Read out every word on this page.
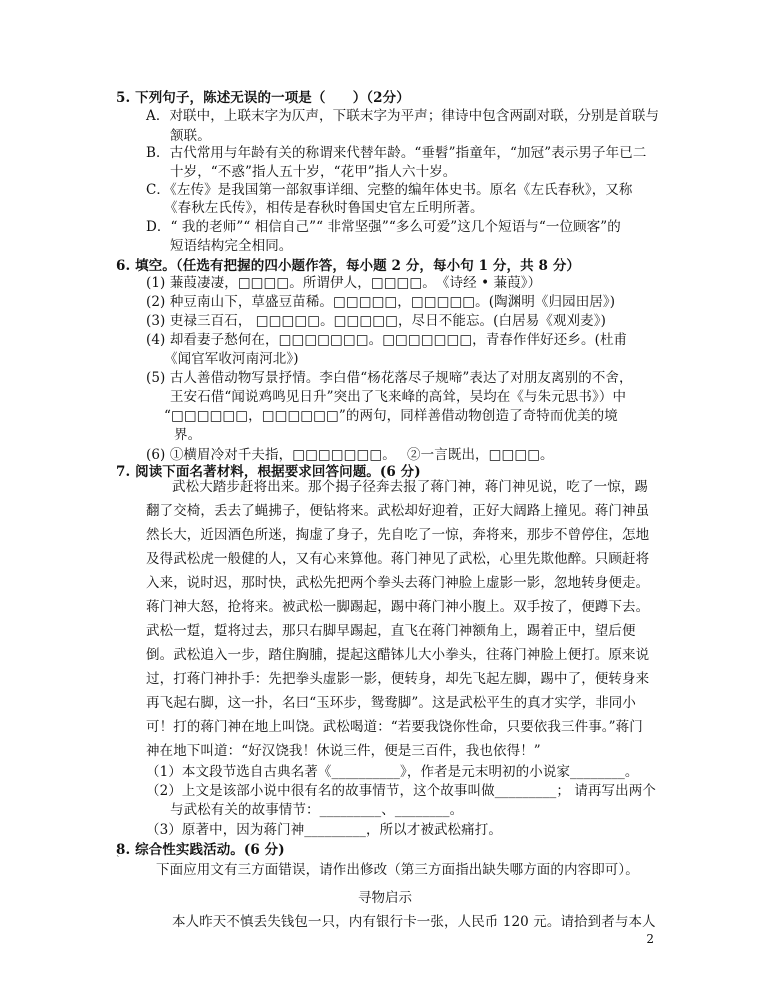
5. 下列句子，陈述无误的一项是（　　）（2分）
A．对联中，上联末字为仄声，下联末字为平声；律诗中包含两副对联，分别是首联与
颔联。
B．古代常用与年龄有关的称谓来代替年龄。“垂髫”指童年，“加冠”表示男子年已二
十岁，“不惑”指人五十岁，“花甲”指人六十岁。
C．《左传》是我国第一部叙事详细、完整的编年体史书。原名《左氏春秋》，又称
《春秋左氏传》，相传是春秋时鲁国史官左丘明所著。
D．“ 我的老师”“ 相信自己”“ 非常坚强”“多么可爱”这几个短语与“一位顾客”的
短语结构完全相同。
6. 填空。（任选有把握的四小题作答，每小题 2 分，每小句 1 分，共 8 分）
(1) 蒹葭凄凄，□□□□。所谓伊人，□□□□。　《诗经 • 蒹葭》）
(2) 种豆南山下，草盛豆苗稀。□□□□□，□□□□□。(陶渊明《归园田居》)
(3) 吏禄三百石， □□□□□。□□□□□，尽日不能忘。(白居易《观刈麦》)
(4) 却看妻子愁何在，□□□□□□□。□□□□□□□，青春作伴好还乡。(杜甫
《闻官军收河南河北》)
(5) 古人善借动物写景抒情。李白借“杨花落尽子规啼”表达了对朋友离别的不舍，
王安石借“闻说鸡鸣见日升”突出了飞来峰的高耸，吴均在《与朱元思书》）中
“□□□□□□，□□□□□□”的两句，同样善借动物创造了奇特而优美的境
界。
(6) ①横眉冷对千夫指，□□□□□□□。　 ②一言既出，□□□□。
7. 阅读下面名著材料，根据要求回答问题。(6 分)
武松大踏步赶将出来。那个揭子径奔去报了蒋门神，蒋门神见说，吃了一惊，踢
翻了交椅，丢去了蝇拂子，便钻将来。武松却好迎着，正好大阔路上撞见。蒋门神虽
然长大，近因酒色所迷，掏虚了身子，先自吃了一惊，奔将来，那步不曾停住，怎地
及得武松虎一般健的人，又有心来算他。蒋门神见了武松，心里先欺他醉。只顾赶将
入来，说时迟，那时快，武松先把两个拳头去蒋门神脸上虚影一影，忽地转身便走。
蒋门神大怒，抢将来。被武松一脚踢起，踢中蒋门神小腹上。双手按了，便蹲下去。
武松一踅，踅将过去，那只右脚早踢起，直飞在蒋门神额角上，踢着正中，望后便
倒。武松追入一步，踏住胸脯，提起这醋钵儿大小拳头，往蒋门神脸上便打。原来说
过，打蒋门神扑手：先把拳头虚影一影，便转身，却先飞起左脚，踢中了，便转身来
再飞起右脚，这一扑，名曰“玉环步，鸳鸯脚”。这是武松平生的真才实学，非同小
可！打的蒋门神在地上叫饶。武松喝道：“若要我饶你性命，只要依我三件事。”蒋门
神在地下叫道：“好汉饶我！休说三件，便是三百件，我也依得！”
（1）本文段节选自古典名著《__________》，作者是元末明初的小说家________。
（2）上文是该部小说中很有名的故事情节，这个故事叫做_________； 请再写出两个
与武松有关的故事情节：_________、________。
（3）原著中，因为蒋门神_________，所以才被武松痛打。
8. 综合性实践活动。(6 分)
下面应用文有三方面错误，请作出修改（第三方面指出缺失哪方面的内容即可）。
2
`
寻物启示
本人昨天不慎丢失钱包一只，内有银行卡一张，人民币 120 元。请拾到者与本人
